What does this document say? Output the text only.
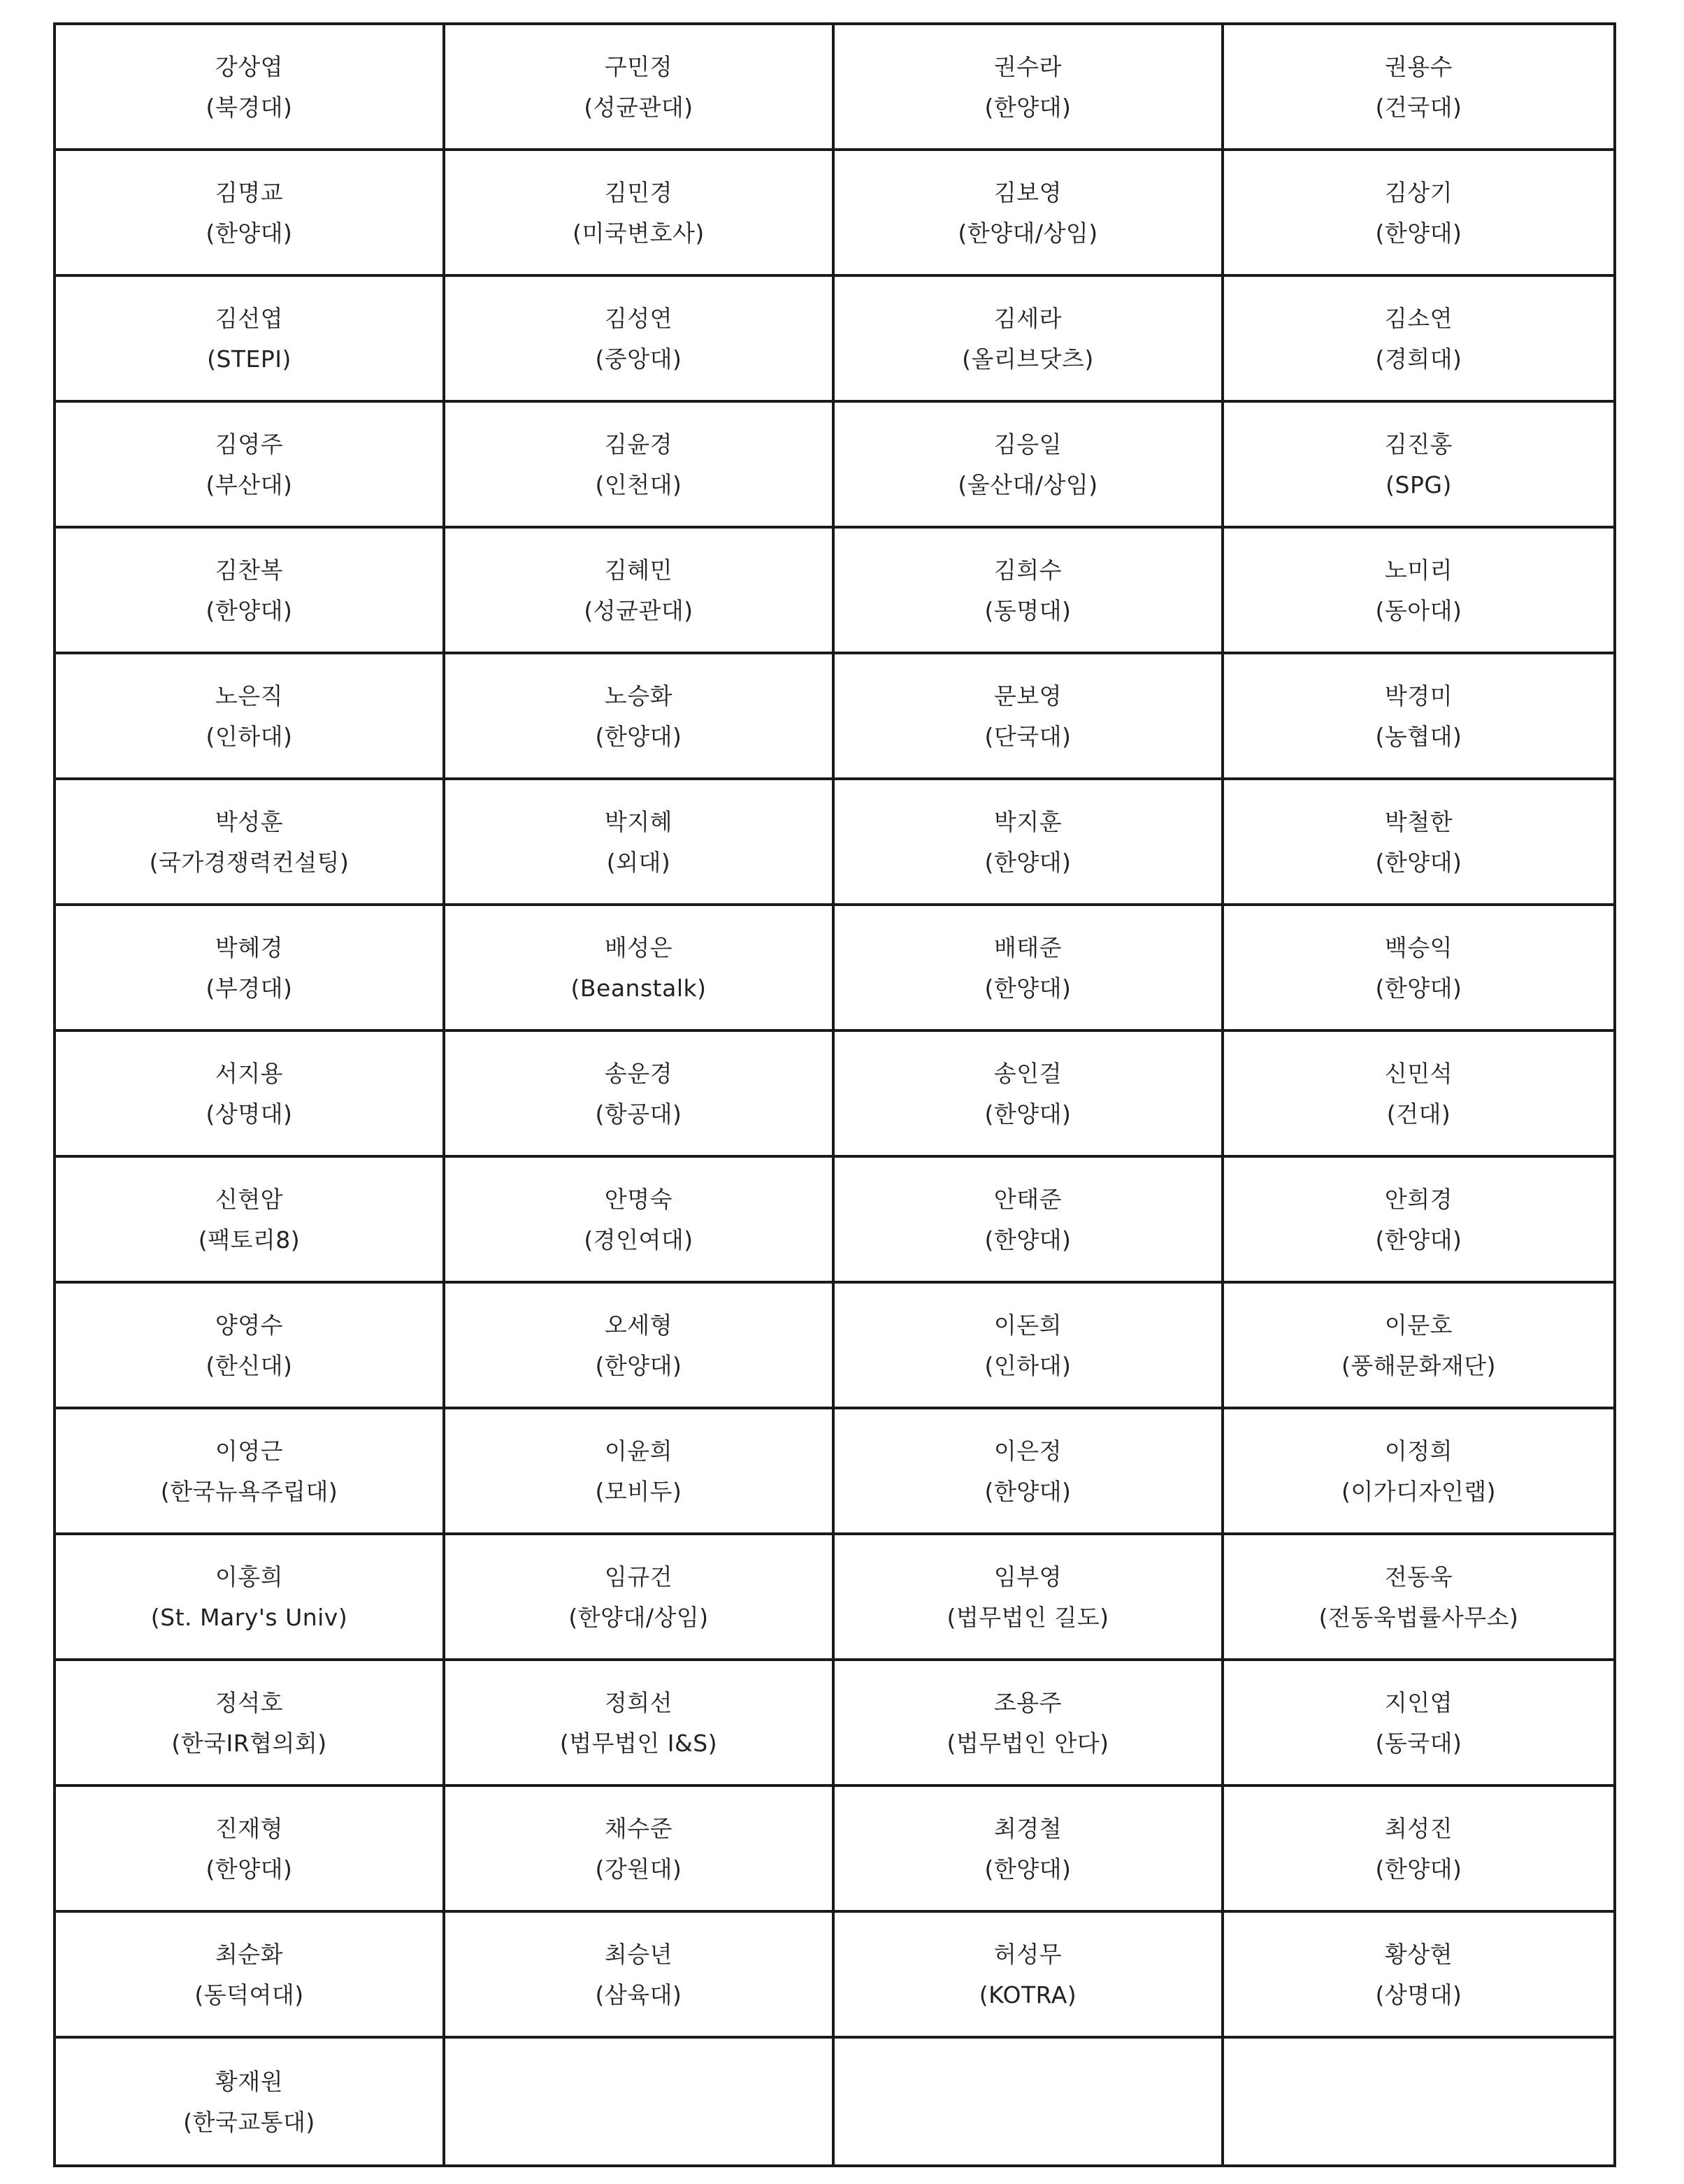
강상엽
(북경대)
구민정
(성균관대)
권수라
(한양대)
권용수
(건국대)
김명교
(한양대)
김민경
(미국변호사)
김보영
(한양대/상임)
김상기
(한양대)
김선엽
(STEPI)
김성연
(중앙대)
김세라
(올리브닷츠)
김소연
(경희대)
김영주
(부산대)
김윤경
(인천대)
김응일
(울산대/상임)
김진홍
(SPG)
김찬복
(한양대)
김혜민
(성균관대)
김희수
(동명대)
노미리
(동아대)
노은직
(인하대)
노승화
(한양대)
문보영
(단국대)
박경미
(농협대)
박성훈
(국가경쟁력컨설팅)
박지혜
(외대)
박지훈
(한양대)
박철한
(한양대)
박혜경
(부경대)
배성은
(Beanstalk)
배태준
(한양대)
백승익
(한양대)
서지용
(상명대)
송운경
(항공대)
송인걸
(한양대)
신민석
(건대)
신현암
(팩토리8)
안명숙
(경인여대)
안태준
(한양대)
안희경
(한양대)
양영수
(한신대)
오세형
(한양대)
이돈희
(인하대)
이문호
(풍해문화재단)
이영근
(한국뉴욕주립대)
이윤희
(모비두)
이은정
(한양대)
이정희
(이가디자인랩)
이홍희
(St. Mary's Univ)
임규건
(한양대/상임)
임부영
(법무법인 길도)
전동욱
(전동욱법률사무소)
정석호
(한국IR협의회)
정희선
(법무법인 I&S)
조용주
(법무법인 안다)
지인엽
(동국대)
진재형
(한양대)
채수준
(강원대)
최경철
(한양대)
최성진
(한양대)
최순화
(동덕여대)
최승년
(삼육대)
허성무
(KOTRA)
황상현
(상명대)
황재원
(한국교통대)
